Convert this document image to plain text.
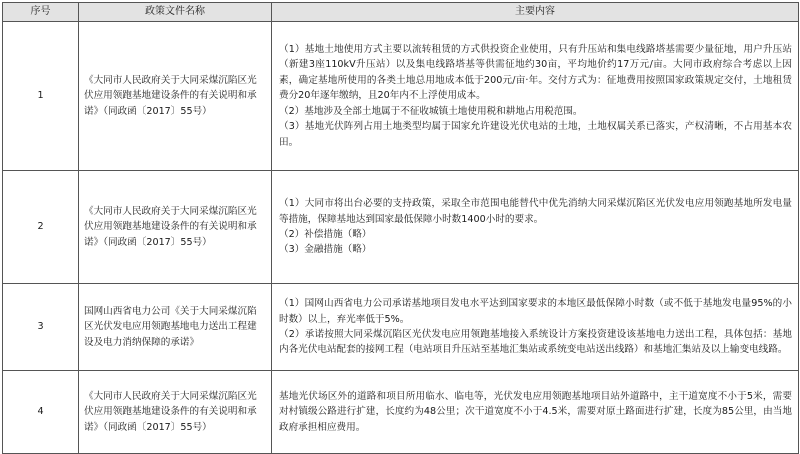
序号	政策文件名称	主要内容
1	《大同市人民政府关于大同采煤沉陷区光伏应用领跑基地建设条件的有关说明和承诺》（同政函〔2017〕55号）	（1）基地土地使用方式主要以流转租赁的方式供投资企业使用，只有升压站和集电线路塔基需要少量征地，用户升压站（新建3座110kV升压站）以及集电线路塔基等供需征地约30亩，平均地价约17万元/亩。大同市政府综合考虑以上因素，确定基地所使用的各类土地总用地成本低于200元/亩·年。交付方式为：征地费用按照国家政策规定交付，土地租赁费分20年逐年缴纳，且20年内不上浮使用成本。

（2）基地涉及全部土地属于不征收城镇土地使用税和耕地占用税范围。

（3）基地光伏阵列占用土地类型均属于国家允许建设光伏电站的土地，土地权属关系已落实，产权清晰，不占用基本农田。

2	《大同市人民政府关于大同采煤沉陷区光伏应用领跑基地建设条件的有关说明和承诺》（同政函〔2017〕55号）	（1）大同市将出台必要的支持政策，采取全市范围电能替代中优先消纳大同采煤沉陷区光伏发电应用领跑基地所发电量等措施，保障基地达到国家最低保障小时数1400小时的要求。

（2）补偿措施（略）

（3）金融措施（略）

3	国网山西省电力公司《关于大同采煤沉陷区光伏发电应用领跑基地电力送出工程建设及电力消纳保障的承诺》	（1）国网山西省电力公司承诺基地项目发电水平达到国家要求的本地区最低保障小时数（或不低于基地发电量95%的小时数）以上，弃光率低于5%。

（2）承诺按照大同采煤沉陷区光伏发电应用领跑基地接入系统设计方案投资建设该基地电力送出工程，具体包括：基地内各光伏电站配套的接网工程（电站项目升压站至基地汇集站或系统变电站送出线路）和基地汇集站及以上输变电线路。

4	《大同市人民政府关于大同采煤沉陷区光伏应用领跑基地建设条件的有关说明和承诺》（同政函〔2017〕55号）	基地光伏场区外的道路和项目所用临水、临电等，光伏发电应用领跑基地项目站外道路中，主干道宽度不小于5米，需要对村镇级公路进行扩建，长度约为48公里；次干道宽度不小于4.5米，需要对原土路面进行扩建，长度为85公里，由当地政府承担相应费用。
